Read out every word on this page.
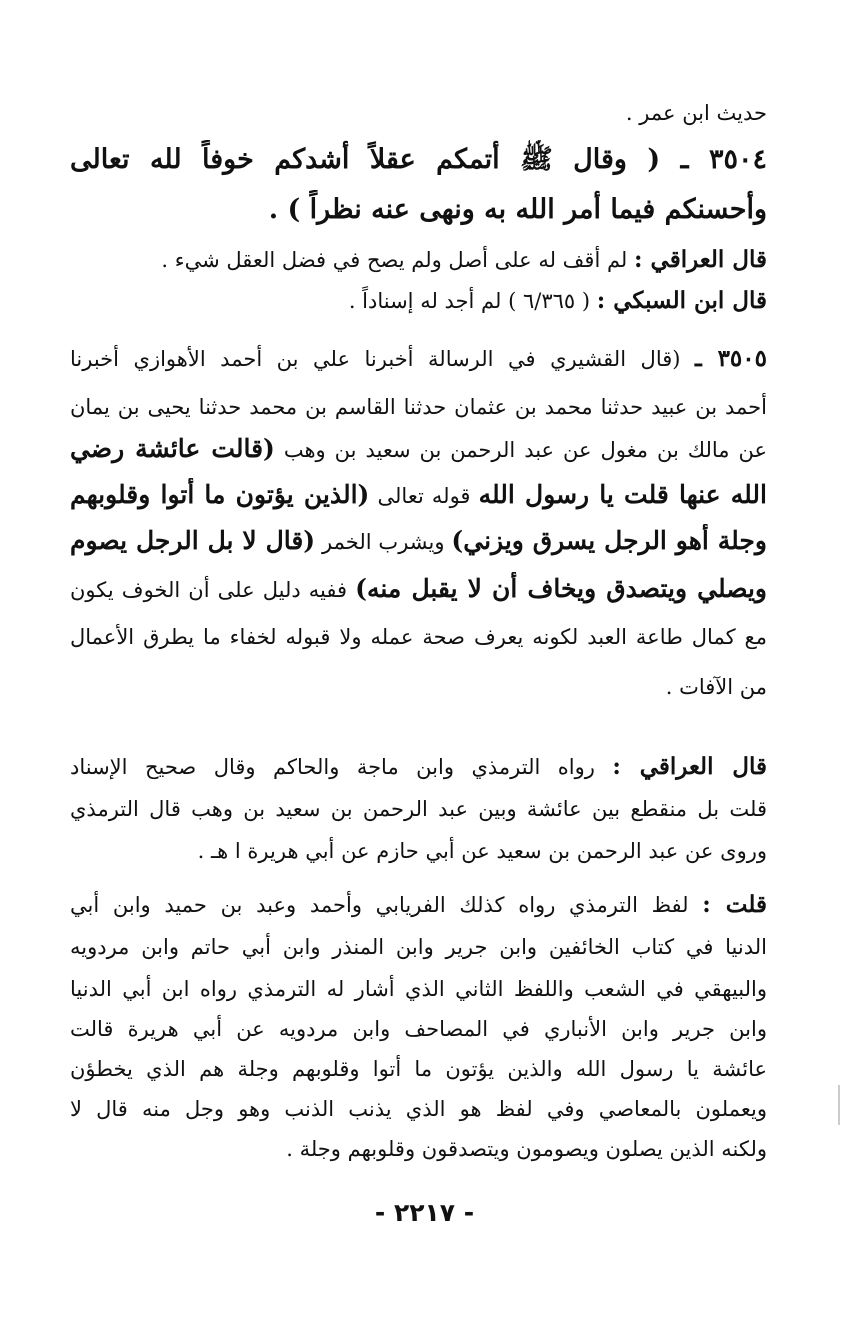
حديث ابن عمر .
٣٥٠٤ ـ ( وقال ﷺ أتمكم عقلاً أشدكم خوفاً لله تعالى
وأحسنكم فيما أمر الله به ونهى عنه نظراً ) .
قال العراقي : لم أقف له على أصل ولم يصح في فضل العقل شيء .
قال ابن السبكي : ( ٦/٣٦٥ ) لم أجد له إسناداً .
٣٥٠٥ ـ (قال القشيري في الرسالة أخبرنا علي بن أحمد الأهوازي أخبرنا
أحمد بن عبيد حدثنا محمد بن عثمان حدثنا القاسم بن محمد حدثنا يحيى بن يمان
عن مالك بن مغول عن عبد الرحمن بن سعيد بن وهب (قالت عائشة رضي
الله عنها قلت يا رسول الله قوله تعالى (الذين يؤتون ما أتوا وقلوبهم
وجلة أهو الرجل يسرق ويزني) ويشرب الخمر (قال لا بل الرجل يصوم
ويصلي ويتصدق ويخاف أن لا يقبل منه) ففيه دليل على أن الخوف يكون
مع كمال طاعة العبد لكونه يعرف صحة عمله ولا قبوله لخفاء ما يطرق الأعمال
من الآفات .
قال العراقي : رواه الترمذي وابن ماجة والحاكم وقال صحيح الإسناد
قلت بل منقطع بين عائشة وبين عبد الرحمن بن سعيد بن وهب قال الترمذي
وروى عن عبد الرحمن بن سعيد عن أبي حازم عن أبي هريرة ا هـ .
قلت : لفظ الترمذي رواه كذلك الفريابي وأحمد وعبد بن حميد وابن أبي
الدنيا في كتاب الخائفين وابن جرير وابن المنذر وابن أبي حاتم وابن مردويه
والبيهقي في الشعب واللفظ الثاني الذي أشار له الترمذي رواه ابن أبي الدنيا
وابن جرير وابن الأنباري في المصاحف وابن مردويه عن أبي هريرة قالت
عائشة يا رسول الله والذين يؤتون ما أتوا وقلوبهم وجلة هم الذي يخطؤن
ويعملون بالمعاصي وفي لفظ هو الذي يذنب الذنب وهو وجل منه قال لا
ولكنه الذين يصلون ويصومون ويتصدقون وقلوبهم وجلة .
- ٢٢١٧ -
